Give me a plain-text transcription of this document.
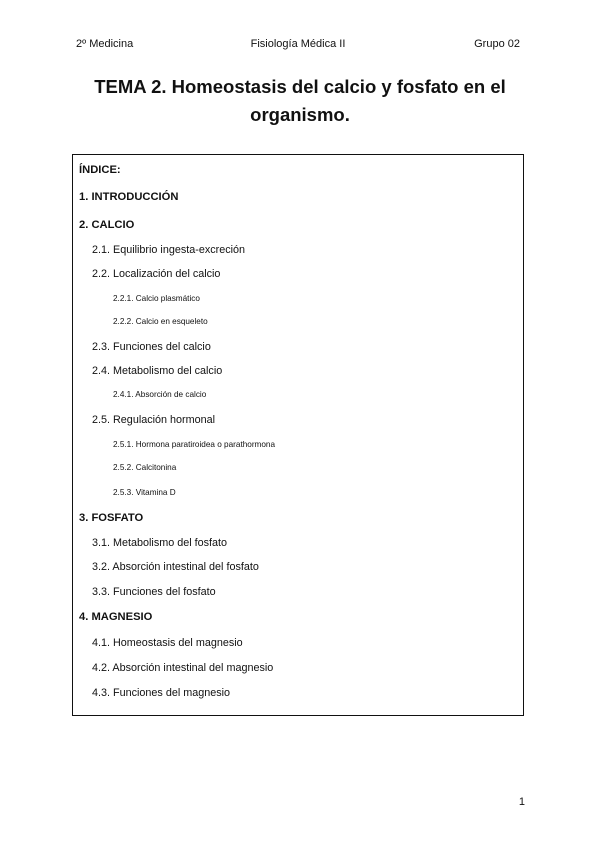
2º Medicina	Fisiología Médica II	Grupo 02
TEMA 2. Homeostasis del calcio y fosfato en el
organismo.
ÍNDICE:
1. INTRODUCCIÓN
2. CALCIO
2.1. Equilibrio ingesta-excreción
2.2. Localización del calcio
2.2.1. Calcio plasmático
2.2.2. Calcio en esqueleto
2.3. Funciones del calcio
2.4. Metabolismo del calcio
2.4.1. Absorción de calcio
2.5. Regulación hormonal
2.5.1. Hormona paratiroidea o parathormona
2.5.2. Calcitonina
2.5.3. Vitamina D
3. FOSFATO
3.1. Metabolismo del fosfato
3.2. Absorción intestinal del fosfato
3.3. Funciones del fosfato
4. MAGNESIO
4.1. Homeostasis del magnesio
4.2. Absorción intestinal del magnesio
4.3. Funciones del magnesio
1
